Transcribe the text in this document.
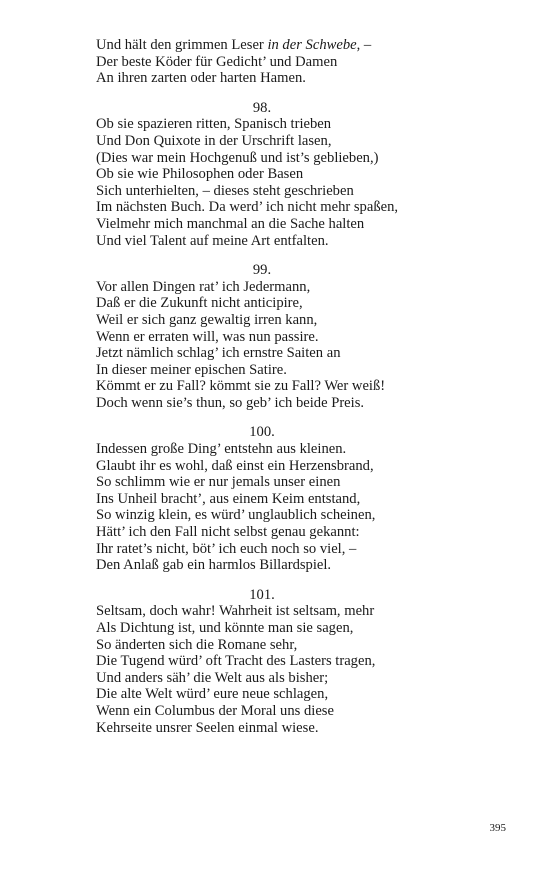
Und hält den grimmen Leser in der Schwebe, –
Der beste Köder für Gedicht’ und Damen
An ihren zarten oder harten Hamen.
98.
Ob sie spazieren ritten, Spanisch trieben
Und Don Quixote in der Urschrift lasen,
(Dies war mein Hochgenuß und ist’s geblieben,)
Ob sie wie Philosophen oder Basen
Sich unterhielten, – dieses steht geschrieben
Im nächsten Buch. Da werd’ ich nicht mehr spaßen,
Vielmehr mich manchmal an die Sache halten
Und viel Talent auf meine Art entfalten.
99.
Vor allen Dingen rat’ ich Jedermann,
Daß er die Zukunft nicht anticipire,
Weil er sich ganz gewaltig irren kann,
Wenn er erraten will, was nun passire.
Jetzt nämlich schlag’ ich ernstre Saiten an
In dieser meiner epischen Satire.
Kömmt er zu Fall? kömmt sie zu Fall? Wer weiß!
Doch wenn sie’s thun, so geb’ ich beide Preis.
100.
Indessen große Ding’ entstehn aus kleinen.
Glaubt ihr es wohl, daß einst ein Herzensbrand,
So schlimm wie er nur jemals unser einen
Ins Unheil bracht’, aus einem Keim entstand,
So winzig klein, es würd’ unglaublich scheinen,
Hätt’ ich den Fall nicht selbst genau gekannt:
Ihr ratet’s nicht, böt’ ich euch noch so viel, –
Den Anlaß gab ein harmlos Billardspiel.
101.
Seltsam, doch wahr! Wahrheit ist seltsam, mehr
Als Dichtung ist, und könnte man sie sagen,
So änderten sich die Romane sehr,
Die Tugend würd’ oft Tracht des Lasters tragen,
Und anders säh’ die Welt aus als bisher;
Die alte Welt würd’ eure neue schlagen,
Wenn ein Columbus der Moral uns diese
Kehrseite unsrer Seelen einmal wiese.
395
